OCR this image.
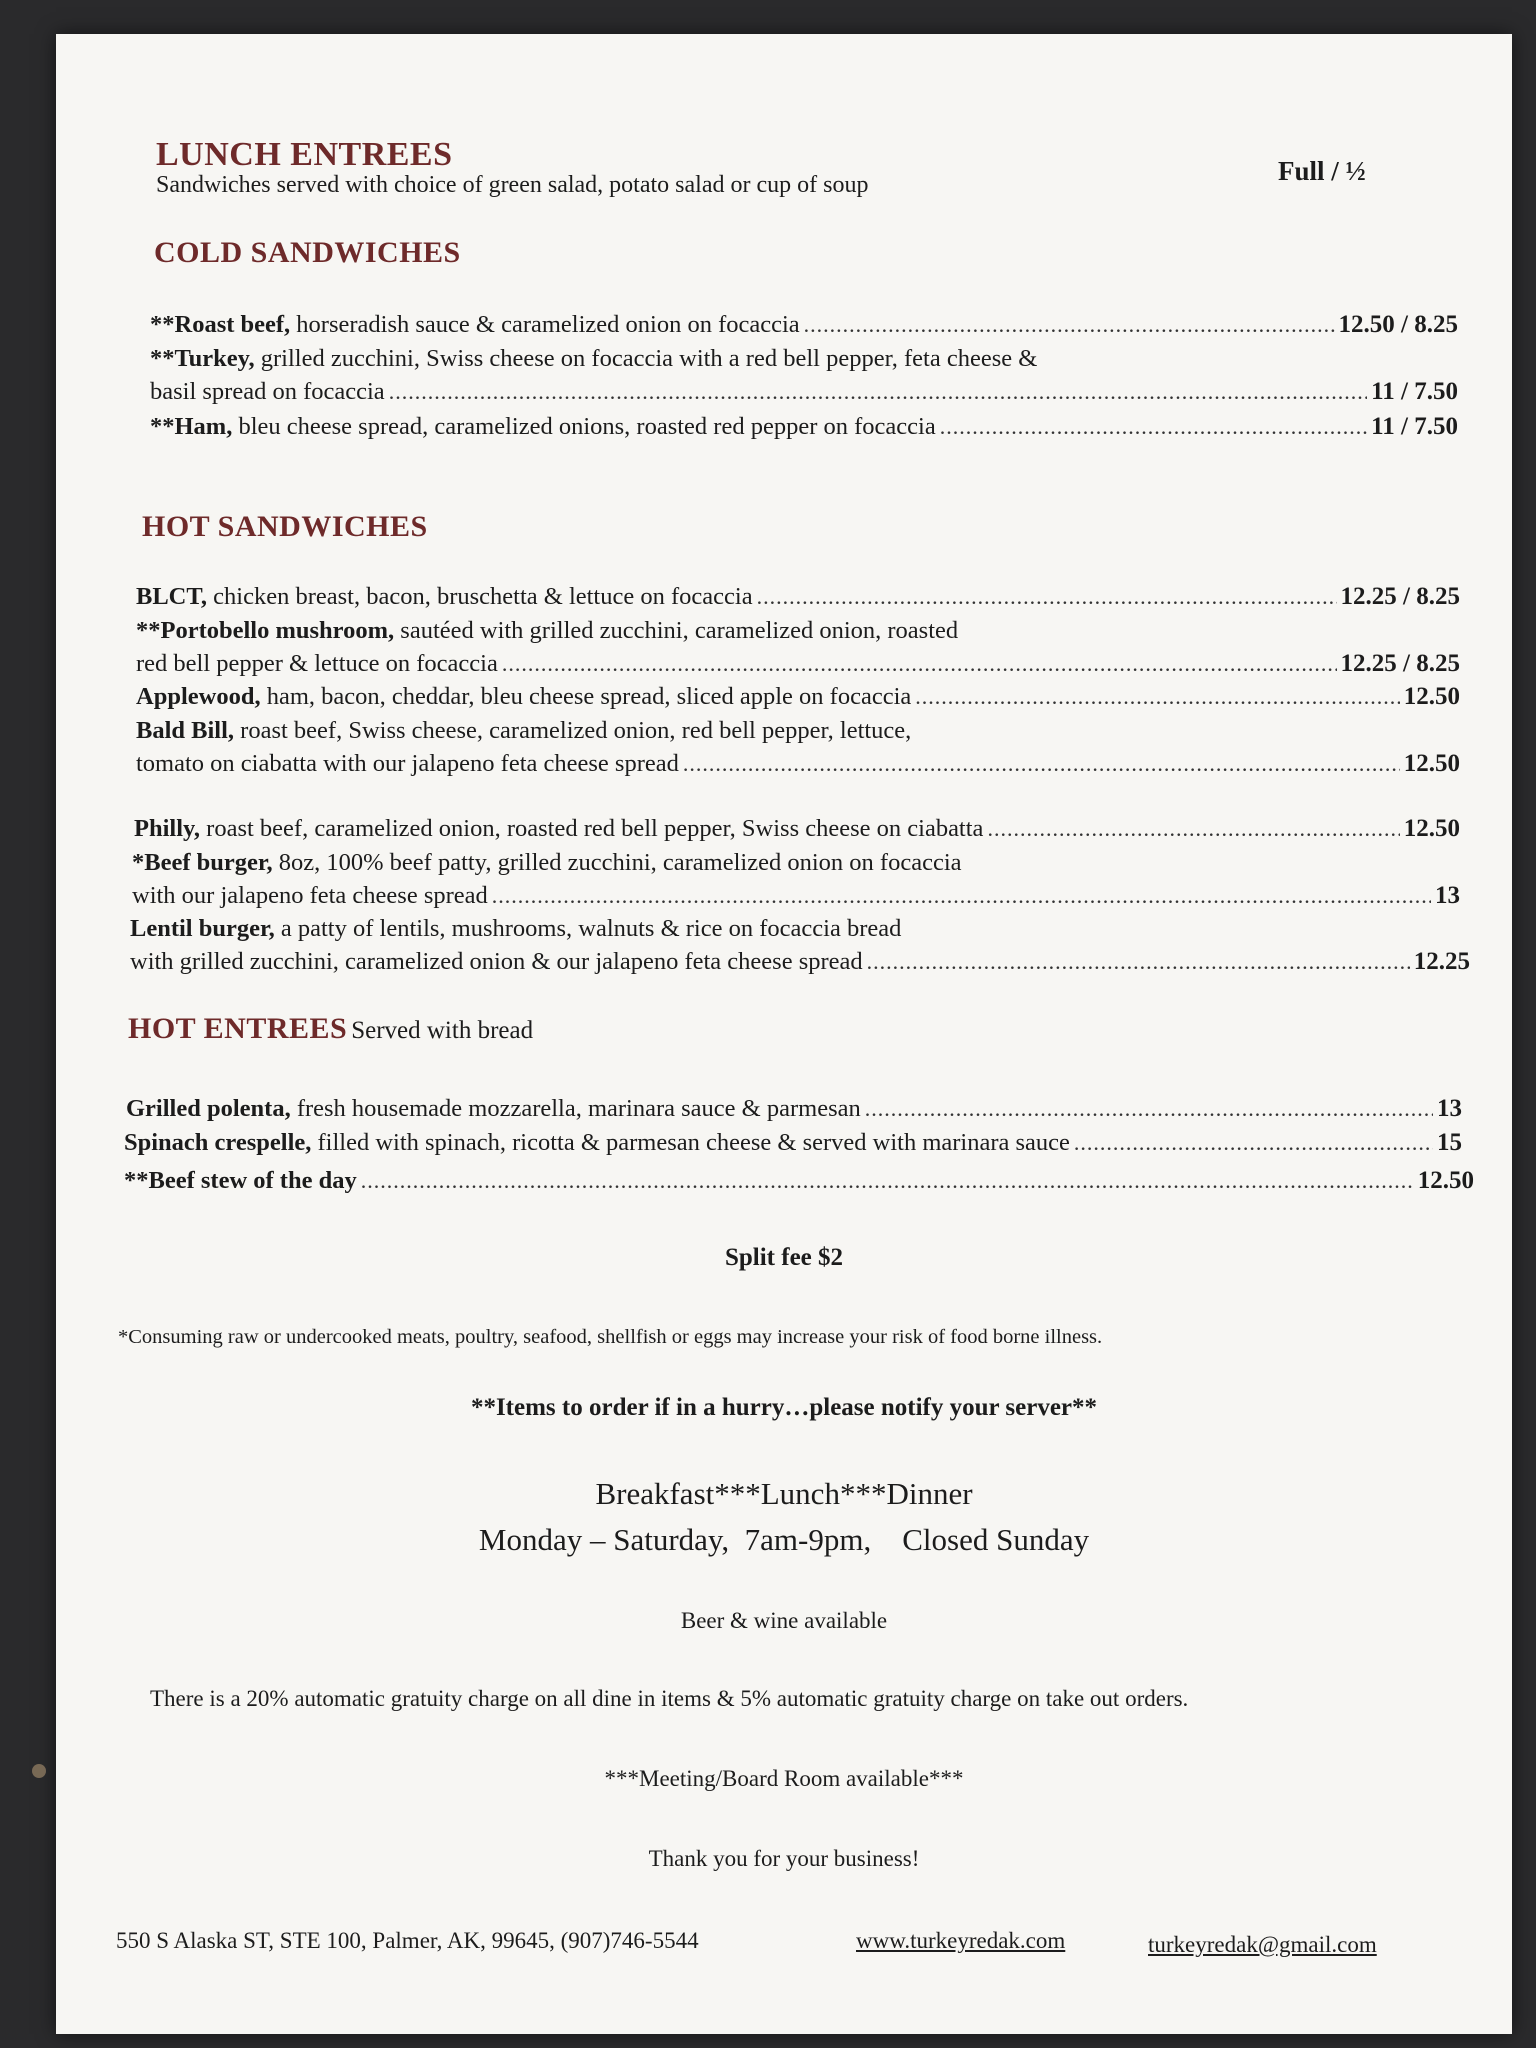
LUNCH ENTREES
Sandwiches served with choice of green salad, potato salad or cup of soup	Full / ½
COLD SANDWICHES
**Roast beef, horseradish sauce & caramelized onion on focaccia .....	12.50 / 8.25
**Turkey, grilled zucchini, Swiss cheese on focaccia with a red bell pepper, feta cheese &
basil spread on focaccia .....	11 / 7.50
**Ham, bleu cheese spread, caramelized onions, roasted red pepper on focaccia .....	11 / 7.50
HOT SANDWICHES
BLCT, chicken breast, bacon, bruschetta & lettuce on focaccia .....	12.25 / 8.25
**Portobello mushroom, sautéed with grilled zucchini, caramelized onion, roasted
red bell pepper & lettuce on focaccia .....	12.25 / 8.25
Applewood, ham, bacon, cheddar, bleu cheese spread, sliced apple on focaccia .....	12.50
Bald Bill, roast beef, Swiss cheese, caramelized onion, red bell pepper, lettuce,
tomato on ciabatta with our jalapeno feta cheese spread .....	12.50
Philly, roast beef, caramelized onion, roasted red bell pepper, Swiss cheese on ciabatta .....	12.50
*Beef burger, 8oz, 100% beef patty, grilled zucchini, caramelized onion on focaccia
with our jalapeno feta cheese spread .....	13
Lentil burger, a patty of lentils, mushrooms, walnuts & rice on focaccia bread
with grilled zucchini, caramelized onion & our jalapeno feta cheese spread .....	12.25
HOT ENTREES Served with bread
Grilled polenta, fresh housemade mozzarella, marinara sauce & parmesan .....	13
Spinach crespelle, filled with spinach, ricotta & parmesan cheese & served with marinara sauce .....	15
**Beef stew of the day .....	12.50
Split fee $2
*Consuming raw or undercooked meats, poultry, seafood, shellfish or eggs may increase your risk of food borne illness.
**Items to order if in a hurry…please notify your server**
Breakfast***Lunch***Dinner
Monday – Saturday,  7am-9pm,    Closed Sunday
Beer & wine available
There is a 20% automatic gratuity charge on all dine in items & 5% automatic gratuity charge on take out orders.
***Meeting/Board Room available***
Thank you for your business!
550 S Alaska ST, STE 100, Palmer, AK, 99645, (907)746-5544	www.turkeyredak.com	turkeyredak@gmail.com
